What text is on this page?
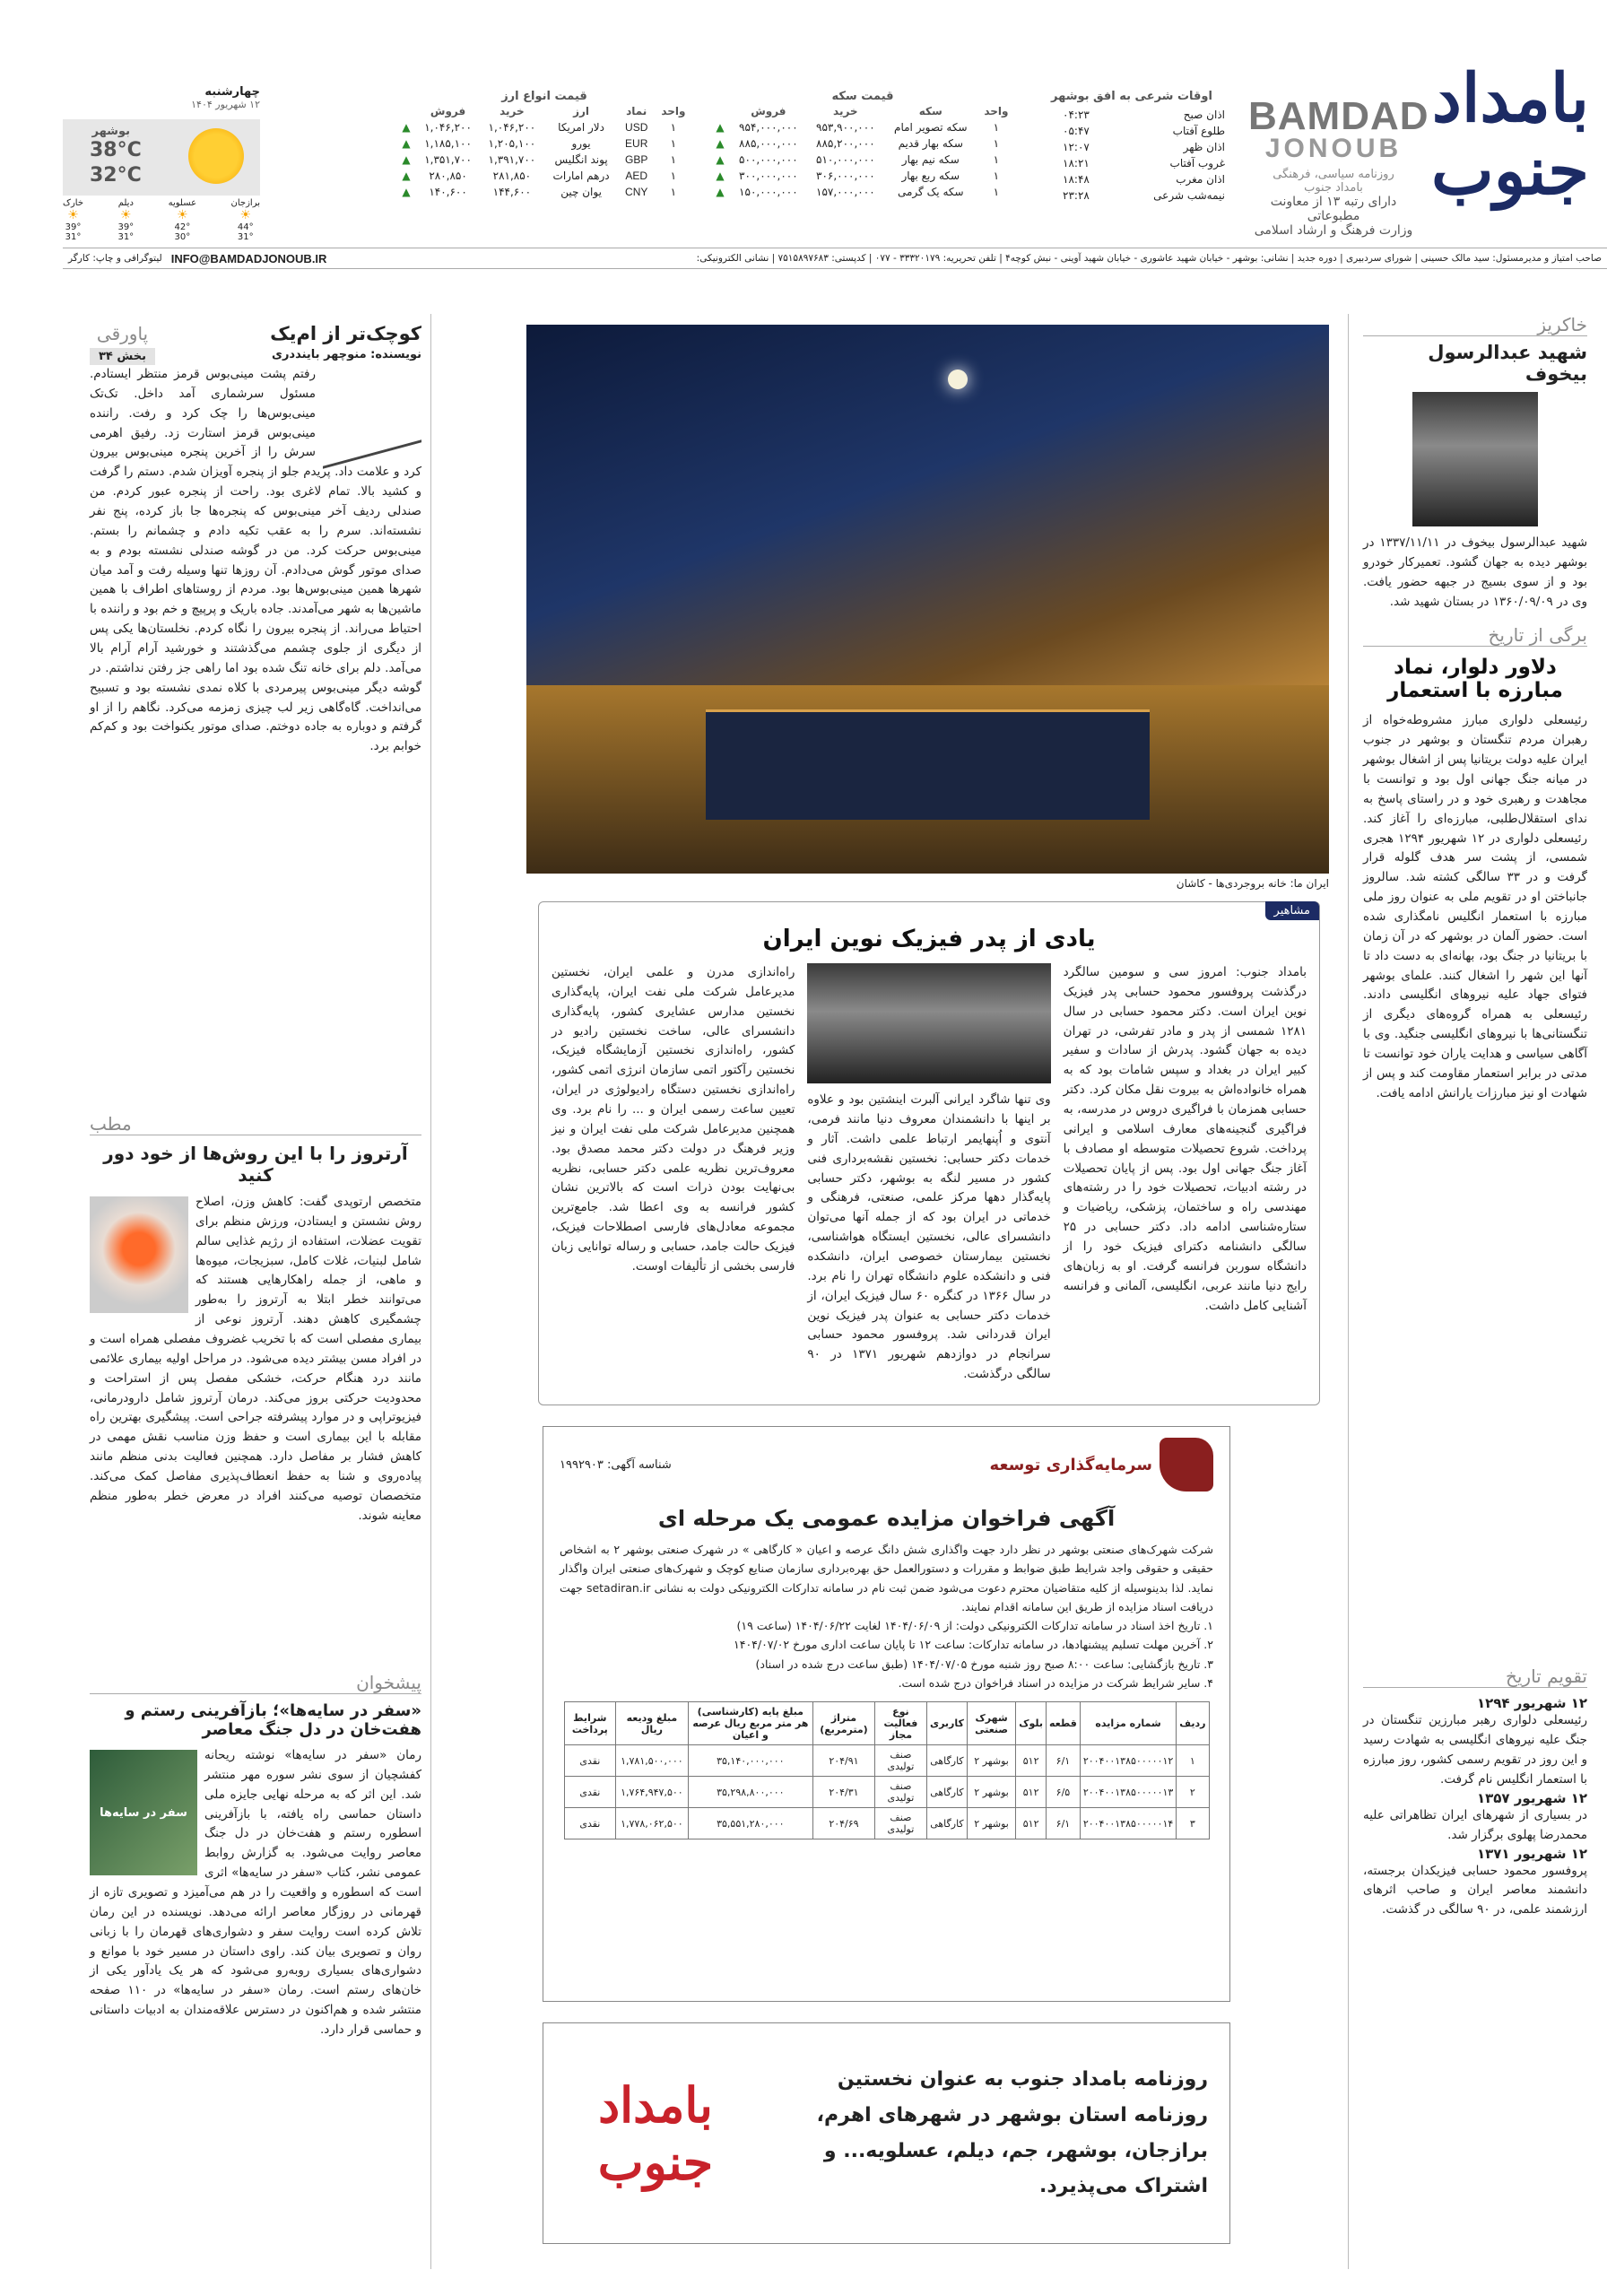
بامداد جنوب
BAMDAD
JONOUB
روزنامه سیاسی، فرهنگی
بامداد جنوب
دارای رتبه ۱۳ از معاونت مطبوعاتی
وزارت فرهنگ و ارشاد اسلامی
اوقات شرعی به افق بوشهر
اذان صبح	۰۴:۲۳
طلوع آفتاب	۰۵:۴۷
اذان ظهر	۱۲:۰۷
غروب آفتاب	۱۸:۲۱
اذان مغرب	۱۸:۴۸
نیمه‌شب شرعی	۲۳:۲۸
قیمت سکه
واحد	سکه	خرید	فروش	
۱	سکه تصویر امام	۹۵۳,۹۰۰,۰۰۰	۹۵۴,۰۰۰,۰۰۰	▲
۱	سکه بهار قدیم	۸۸۵,۲۰۰,۰۰۰	۸۸۵,۰۰۰,۰۰۰	▲
۱	سکه نیم بهار	۵۱۰,۰۰۰,۰۰۰	۵۰۰,۰۰۰,۰۰۰	▲
۱	سکه ربع بهار	۳۰۶,۰۰۰,۰۰۰	۳۰۰,۰۰۰,۰۰۰	▲
۱	سکه یک گرمی	۱۵۷,۰۰۰,۰۰۰	۱۵۰,۰۰۰,۰۰۰	▲
قیمت انواع ارز
واحد	نماد	ارز	خرید	فروش	
۱	USD	دلار امریکا	۱,۰۴۶,۲۰۰	۱,۰۴۶,۲۰۰	▲
۱	EUR	یورو	۱,۲۰۵,۱۰۰	۱,۱۸۵,۱۰۰	▲
۱	GBP	پوند انگلیس	۱,۳۹۱,۷۰۰	۱,۳۵۱,۷۰۰	▲
۱	AED	درهم امارات	۲۸۱,۸۵۰	۲۸۰,۸۵۰	▲
۱	CNY	یوان چین	۱۴۴,۶۰۰	۱۴۰,۶۰۰	▲
چهارشنبه
۱۲ شهریور ۱۴۰۴
بوشهر
38°C
32°C
برازجان
☀
44°
31°
عسلویه
☀
42°
30°
دیلم
☀
39°
31°
خارک
☀
39°
31°
صاحب امتیاز و مدیرمسئول: سید مالک حسینی | شورای سردبیری | دوره جدید | نشانی: بوشهر - خیابان شهید عاشوری - خیابان شهید آوینی - نبش کوچه۴ | تلفن تحریریه: ۳۳۳۲۰۱۷۹ - ۰۷۷ | کدپستی: ۷۵۱۵۸۹۷۶۸۳ | نشانی الکترونیکی:
INFO@BAMDADJONOUB.IR
لیتوگرافی و چاپ: کارگر
خاکریز
شهید عبدالرسول بیخوف
شهید عبدالرسول بیخوف در ۱۳۳۷/۱۱/۱۱ در بوشهر دیده به جهان گشود. تعمیرکار خودرو بود و از سوی بسیج در جبهه حضور یافت. وی در ۱۳۶۰/۰۹/۰۹ در بستان شهید شد.
برگی از تاریخ
دلاور دلوار، نماد مبارزه با استعمار
رئیسعلی دلواری مبارز مشروطه‌خواه از رهبران مردم تنگستان و بوشهر در جنوب ایران علیه دولت بریتانیا پس از اشغال بوشهر در میانه جنگ جهانی اول بود و توانست با مجاهدت و رهبری خود و در راستای پاسخ به ندای استقلال‌طلبی، مبارزه‌ای را آغاز کند. رئیسعلی دلواری در ۱۲ شهریور ۱۲۹۴ هجری شمسی، از پشت سر هدف گلوله قرار گرفت و در ۳۳ سالگی کشته شد. سالروز جانباختن او در تقویم ملی به عنوان روز ملی مبارزه با استعمار انگلیس نامگذاری شده است. حضور آلمان در بوشهر که در آن زمان با بریتانیا در جنگ بود، بهانه‌ای به دست داد تا آنها این شهر را اشغال کنند. علمای بوشهر فتوای جهاد علیه نیروهای انگلیسی دادند. رئیسعلی به همراه گروه‌های دیگری از تنگستانی‌ها با نیروهای انگلیسی جنگید. وی با آگاهی سیاسی و هدایت یاران خود توانست تا مدتی در برابر استعمار مقاومت کند و پس از شهادت او نیز مبارزات یارانش ادامه یافت.
تقویم تاریخ
۱۲ شهریور ۱۲۹۴
رئیسعلی دلواری رهبر مبارزین تنگستان در جنگ علیه نیروهای انگلیسی به شهادت رسید و این روز در تقویم رسمی کشور، روز مبارزه با استعمار انگلیس نام گرفت.
۱۲ شهریور ۱۳۵۷
در بسیاری از شهرهای ایران تظاهراتی علیه محمدرضا پهلوی برگزار شد.
۱۲ شهریور ۱۳۷۱
پروفسور محمود حسابی فیزیکدان برجسته، دانشمند معاصر ایران و صاحب اثرهای ارزشمند علمی، در ۹۰ سالگی در گذشت.
ایران ما: خانه بروجردی‌ها - کاشان
مشاهیر
یادی از پدر فیزیک نوین ایران
بامداد جنوب: امروز سی و سومین سالگرد درگذشت پروفسور محمود حسابی پدر فیزیک نوین ایران است. دکتر محمود حسابی در سال ۱۲۸۱ شمسی از پدر و مادر تفرشی، در تهران دیده به جهان گشود. پدرش از سادات و سفیر کبیر ایران در بغداد و سپس شامات بود که به همراه خانواده‌اش به بیروت نقل مکان کرد. دکتر حسابی همزمان با فراگیری دروس در مدرسه، به فراگیری گنجینه‌های معارف اسلامی و ایرانی پرداخت. شروع تحصیلات متوسطه او مصادف با آغاز جنگ جهانی اول بود. پس از پایان تحصیلات در رشته ادبیات، تحصیلات خود را در رشته‌های مهندسی راه و ساختمان، پزشکی، ریاضیات و ستاره‌شناسی ادامه داد. دکتر حسابی در ۲۵ سالگی دانشنامه دکترای فیزیک خود را از دانشگاه سوربن فرانسه گرفت. او به زبان‌های رایج دنیا مانند عربی، انگلیسی، آلمانی و فرانسه آشنایی کامل داشت.
وی تنها شاگرد ایرانی آلبرت اینشتین بود و علاوه بر اینها با دانشمندان معروف دنیا مانند فرمی، آنتوی و اُپنهایمر ارتباط علمی داشت. آثار و خدمات دکتر حسابی: نخستین نقشه‌برداری فنی کشور در مسیر لنگه به بوشهر، دکتر حسابی پایه‌گذار دهها مرکز علمی، صنعتی، فرهنگی و خدماتی در ایران بود که از جمله آنها می‌توان دانشسرای عالی، نخستین ایستگاه هواشناسی، نخستین بیمارستان خصوصی ایران، دانشکده فنی و دانشکده علوم دانشگاه تهران را نام برد. در سال ۱۳۶۶ در کنگره ۶۰ سال فیزیک ایران، از خدمات دکتر حسابی به عنوان پدر فیزیک نوین ایران قدردانی شد. پروفسور محمود حسابی سرانجام در دوازدهم شهریور ۱۳۷۱ در ۹۰ سالگی درگذشت.
راه‌اندازی مدرن و علمی ایران، نخستین مدیرعامل شرکت ملی نفت ایران، پایه‌گذاری نخستین مدارس عشایری کشور، پایه‌گذاری دانشسرای عالی، ساخت نخستین رادیو در کشور، راه‌اندازی نخستین آزمایشگاه فیزیک، نخستین رآکتور اتمی سازمان انرژی اتمی کشور، راه‌اندازی نخستین دستگاه رادیولوژی در ایران، تعیین ساعت رسمی ایران و ... را نام برد. وی همچنین مدیرعامل شرکت ملی نفت ایران و نیز وزیر فرهنگ در دولت دکتر محمد مصدق بود. معروف‌ترین نظریه علمی دکتر حسابی، نظریه بی‌نهایت بودن ذرات است که بالاترین نشان کشور فرانسه به وی اعطا شد. جامع‌ترین مجموعه معادل‌های فارسی اصطلاحات فیزیک، فیزیک حالت جامد، حسابی و رساله توانایی زبان فارسی بخشی از تألیفات اوست.
سرمایه‌گذاری توسعه
شناسه آگهی: ۱۹۹۲۹۰۳
آگهی فراخوان مزایده عمومی یک مرحله ای
شرکت شهرک‌های صنعتی بوشهر در نظر دارد جهت واگذاری شش دانگ عرصه و اعیان « کارگاهی » در شهرک صنعتی بوشهر ۲ به اشخاص حقیقی و حقوقی واجد شرایط طبق ضوابط و مقررات و دستورالعمل حق بهره‌برداری سازمان صنایع کوچک و شهرک‌های صنعتی ایران واگذار نماید. لذا بدینوسیله از کلیه متقاضیان محترم دعوت می‌شود ضمن ثبت نام در سامانه تدارکات الکترونیکی دولت به نشانی setadiran.ir جهت دریافت اسناد مزایده از طریق این سامانه اقدام نمایند.
۱. تاریخ اخذ اسناد در سامانه تدارکات الکترونیکی دولت: از ۱۴۰۴/۰۶/۰۹ لغایت ۱۴۰۴/۰۶/۲۲ (ساعت ۱۹)
۲. آخرین مهلت تسلیم پیشنهادها، در سامانه تدارکات: ساعت ۱۲ تا پایان ساعت اداری مورخ ۱۴۰۴/۰۷/۰۲
۳. تاریخ بازگشایی: ساعت ۸:۰۰ صبح روز شنبه مورخ ۱۴۰۴/۰۷/۰۵ (طبق ساعت درج شده در اسناد)
۴. سایر شرایط شرکت در مزایده در اسناد فراخوان درج شده است.
ردیف	شماره مزایده	قطعه	بلوک	شهرک صنعتی	کاربری	نوع فعالیت مجاز	متراژ (مترمربع)	مبلغ پایه (کارشناسی) هر متر مربع ریال عرصه و اعیان	مبلغ ودیعه ریال	شرایط پرداخت
۱	۲۰۰۴۰۰۱۳۸۵۰۰۰۰۰۱۲	۶/۱	۵۱۲	بوشهر ۲	کارگاهی	صنف تولیدی	۲۰۴/۹۱	۳۵,۱۴۰,۰۰۰,۰۰۰	۱,۷۸۱,۵۰۰,۰۰۰	نقدی
۲	۲۰۰۴۰۰۱۳۸۵۰۰۰۰۰۱۳	۶/۵	۵۱۲	بوشهر ۲	کارگاهی	صنف تولیدی	۲۰۴/۳۱	۳۵,۲۹۸,۸۰۰,۰۰۰	۱,۷۶۴,۹۴۷,۵۰۰	نقدی
۳	۲۰۰۴۰۰۱۳۸۵۰۰۰۰۰۱۴	۶/۱	۵۱۲	بوشهر ۲	کارگاهی	صنف تولیدی	۲۰۴/۶۹	۳۵,۵۵۱,۲۸۰,۰۰۰	۱,۷۷۸,۰۶۲,۵۰۰	نقدی
روزنامه بامداد جنوب به عنوان نخستین روزنامه استان بوشهر در شهرهای اهرم، برازجان، بوشهر، جم، دیلم، عسلویه... و اشتراک می‌پذیرد.
بامداد جنوب
کوچک‌تر از ام‌یک
نویسنده: منوچهر باینددری
پاورقی
بخش ۳۴
رفتم پشت مینی‌بوس قرمز منتظر ایستادم. مسئول سرشماری آمد داخل. تک‌تک مینی‌بوس‌ها را چک کرد و رفت. راننده مینی‌بوس قرمز استارت زد. رفیق اهرمی سرش را از آخرین پنجره مینی‌بوس بیرون کرد و علامت داد. پریدم جلو از پنجره آویزان شدم. دستم را گرفت و کشید بالا. تمام لاغری بود. راحت از پنجره عبور کردم. من صندلی ردیف آخر مینی‌بوس که پنجره‌ها جا باز کرده، پنج نفر نشسته‌اند. سرم را به عقب تکیه دادم و چشمانم را بستم. مینی‌بوس حرکت کرد. من در گوشه صندلی نشسته بودم و به صدای موتور گوش می‌دادم. آن روزها تنها وسیله رفت و آمد میان شهرها همین مینی‌بوس‌ها بود. مردم از روستاهای اطراف با همین ماشین‌ها به شهر می‌آمدند. جاده باریک و پرپیچ و خم بود و راننده با احتیاط می‌راند. از پنجره بیرون را نگاه کردم. نخلستان‌ها یکی پس از دیگری از جلوی چشمم می‌گذشتند و خورشید آرام آرام بالا می‌آمد. دلم برای خانه تنگ شده بود اما راهی جز رفتن نداشتم. در گوشه دیگر مینی‌بوس پیرمردی با کلاه نمدی نشسته بود و تسبیح می‌انداخت. گاه‌گاهی زیر لب چیزی زمزمه می‌کرد. نگاهم را از او گرفتم و دوباره به جاده دوختم. صدای موتور یکنواخت بود و کم‌کم خوابم برد.
مطب
آرتروز را با این روش‌ها از خود دور کنید
متخصص ارتوپدی گفت: کاهش وزن، اصلاح روش نشستن و ایستادن، ورزش منظم برای تقویت عضلات، استفاده از رژیم غذایی سالم شامل لبنیات، غلات کامل، سبزیجات، میوه‌ها و ماهی، از جمله راهکارهایی هستند که می‌توانند خطر ابتلا به آرتروز را به‌طور چشمگیری کاهش دهند. آرتروز نوعی از بیماری مفصلی است که با تخریب غضروف مفصلی همراه است و در افراد مسن بیشتر دیده می‌شود. در مراحل اولیه بیماری علائمی مانند درد هنگام حرکت، خشکی مفصل پس از استراحت و محدودیت حرکتی بروز می‌کند. درمان آرتروز شامل دارودرمانی، فیزیوتراپی و در موارد پیشرفته جراحی است. پیشگیری بهترین راه مقابله با این بیماری است و حفظ وزن مناسب نقش مهمی در کاهش فشار بر مفاصل دارد. همچنین فعالیت بدنی منظم مانند پیاده‌روی و شنا به حفظ انعطاف‌پذیری مفاصل کمک می‌کند. متخصصان توصیه می‌کنند افراد در معرض خطر به‌طور منظم معاینه شوند.
پیشخوان
«سفر در سایه‌ها»؛ بازآفرینی رستم و هفت‌خان در دل جنگ معاصر
سفر در سایه‌ها
رمان «سفر در سایه‌ها» نوشته ریحانه کفشچیان از سوی نشر سوره مهر منتشر شد. این اثر که به مرحله نهایی جایزه ملی داستان حماسی راه یافته، با بازآفرینی اسطوره رستم و هفت‌خان در دل جنگ معاصر روایت می‌شود. به گزارش روابط عمومی نشر، کتاب «سفر در سایه‌ها» اثری است که اسطوره و واقعیت را در هم می‌آمیزد و تصویری تازه از قهرمانی در روزگار معاصر ارائه می‌دهد. نویسنده در این رمان تلاش کرده است روایت سفر و دشواری‌های قهرمان را با زبانی روان و تصویری بیان کند. راوی داستان در مسیر خود با موانع و دشواری‌های بسیاری روبه‌رو می‌شود که هر یک یادآور یکی از خان‌های رستم است. رمان «سفر در سایه‌ها» در ۱۱۰ صفحه منتشر شده و هم‌اکنون در دسترس علاقه‌مندان به ادبیات داستانی و حماسی قرار دارد.
